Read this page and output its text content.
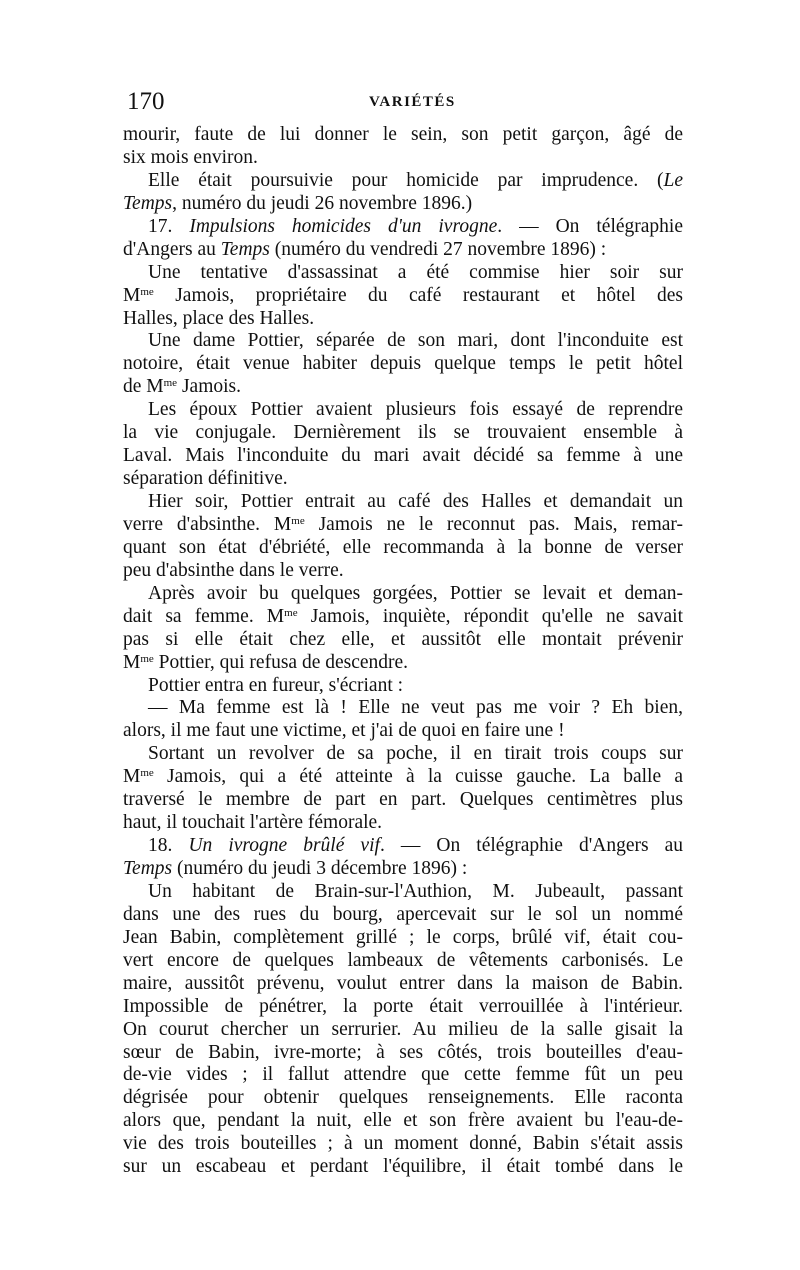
170	VARIÉTÉS
mourir, faute de lui donner le sein, son petit garçon, âgé de
six mois environ.
Elle était poursuivie pour homicide par imprudence. (Le
Temps, numéro du jeudi 26 novembre 1896.)
17. Impulsions homicides d'un ivrogne. — On télégraphie
d'Angers au Temps (numéro du vendredi 27 novembre 1896) :
Une tentative d'assassinat a été commise hier soir sur
$M^{me}$ Jamois, propriétaire du café restaurant et hôtel des
Halles, place des Halles.
Une dame Pottier, séparée de son mari, dont l'inconduite est
notoire, était venue habiter depuis quelque temps le petit hôtel
de $M^{me}$ Jamois.
Les époux Pottier avaient plusieurs fois essayé de reprendre
la vie conjugale. Dernièrement ils se trouvaient ensemble à
Laval. Mais l'inconduite du mari avait décidé sa femme à une
séparation définitive.
Hier soir, Pottier entrait au café des Halles et demandait un
verre d'absinthe. $M^{me}$ Jamois ne le reconnut pas. Mais, remar-
quant son état d'ébriété, elle recommanda à la bonne de verser
peu d'absinthe dans le verre.
Après avoir bu quelques gorgées, Pottier se levait et deman-
dait sa femme. $M^{me}$ Jamois, inquiète, répondit qu'elle ne savait
pas si elle était chez elle, et aussitôt elle montait prévenir
$M^{me}$ Pottier, qui refusa de descendre.
Pottier entra en fureur, s'écriant :
— Ma femme est là ! Elle ne veut pas me voir ? Eh bien,
alors, il me faut une victime, et j'ai de quoi en faire une !
Sortant un revolver de sa poche, il en tirait trois coups sur
$M^{me}$ Jamois, qui a été atteinte à la cuisse gauche. La balle a
traversé le membre de part en part. Quelques centimètres plus
haut, il touchait l'artère fémorale.
18. Un ivrogne brûlé vif. — On télégraphie d'Angers au
Temps (numéro du jeudi 3 décembre 1896) :
Un habitant de Brain-sur-l'Authion, M. Jubeault, passant
dans une des rues du bourg, apercevait sur le sol un nommé
Jean Babin, complètement grillé ; le corps, brûlé vif, était cou-
vert encore de quelques lambeaux de vêtements carbonisés. Le
maire, aussitôt prévenu, voulut entrer dans la maison de Babin.
Impossible de pénétrer, la porte était verrouillée à l'intérieur.
On courut chercher un serrurier. Au milieu de la salle gisait la
sœur de Babin, ivre-morte; à ses côtés, trois bouteilles d'eau-
de-vie vides ; il fallut attendre que cette femme fût un peu
dégrisée pour obtenir quelques renseignements. Elle raconta
alors que, pendant la nuit, elle et son frère avaient bu l'eau-de-
vie des trois bouteilles ; à un moment donné, Babin s'était assis
sur un escabeau et perdant l'équilibre, il était tombé dans le
